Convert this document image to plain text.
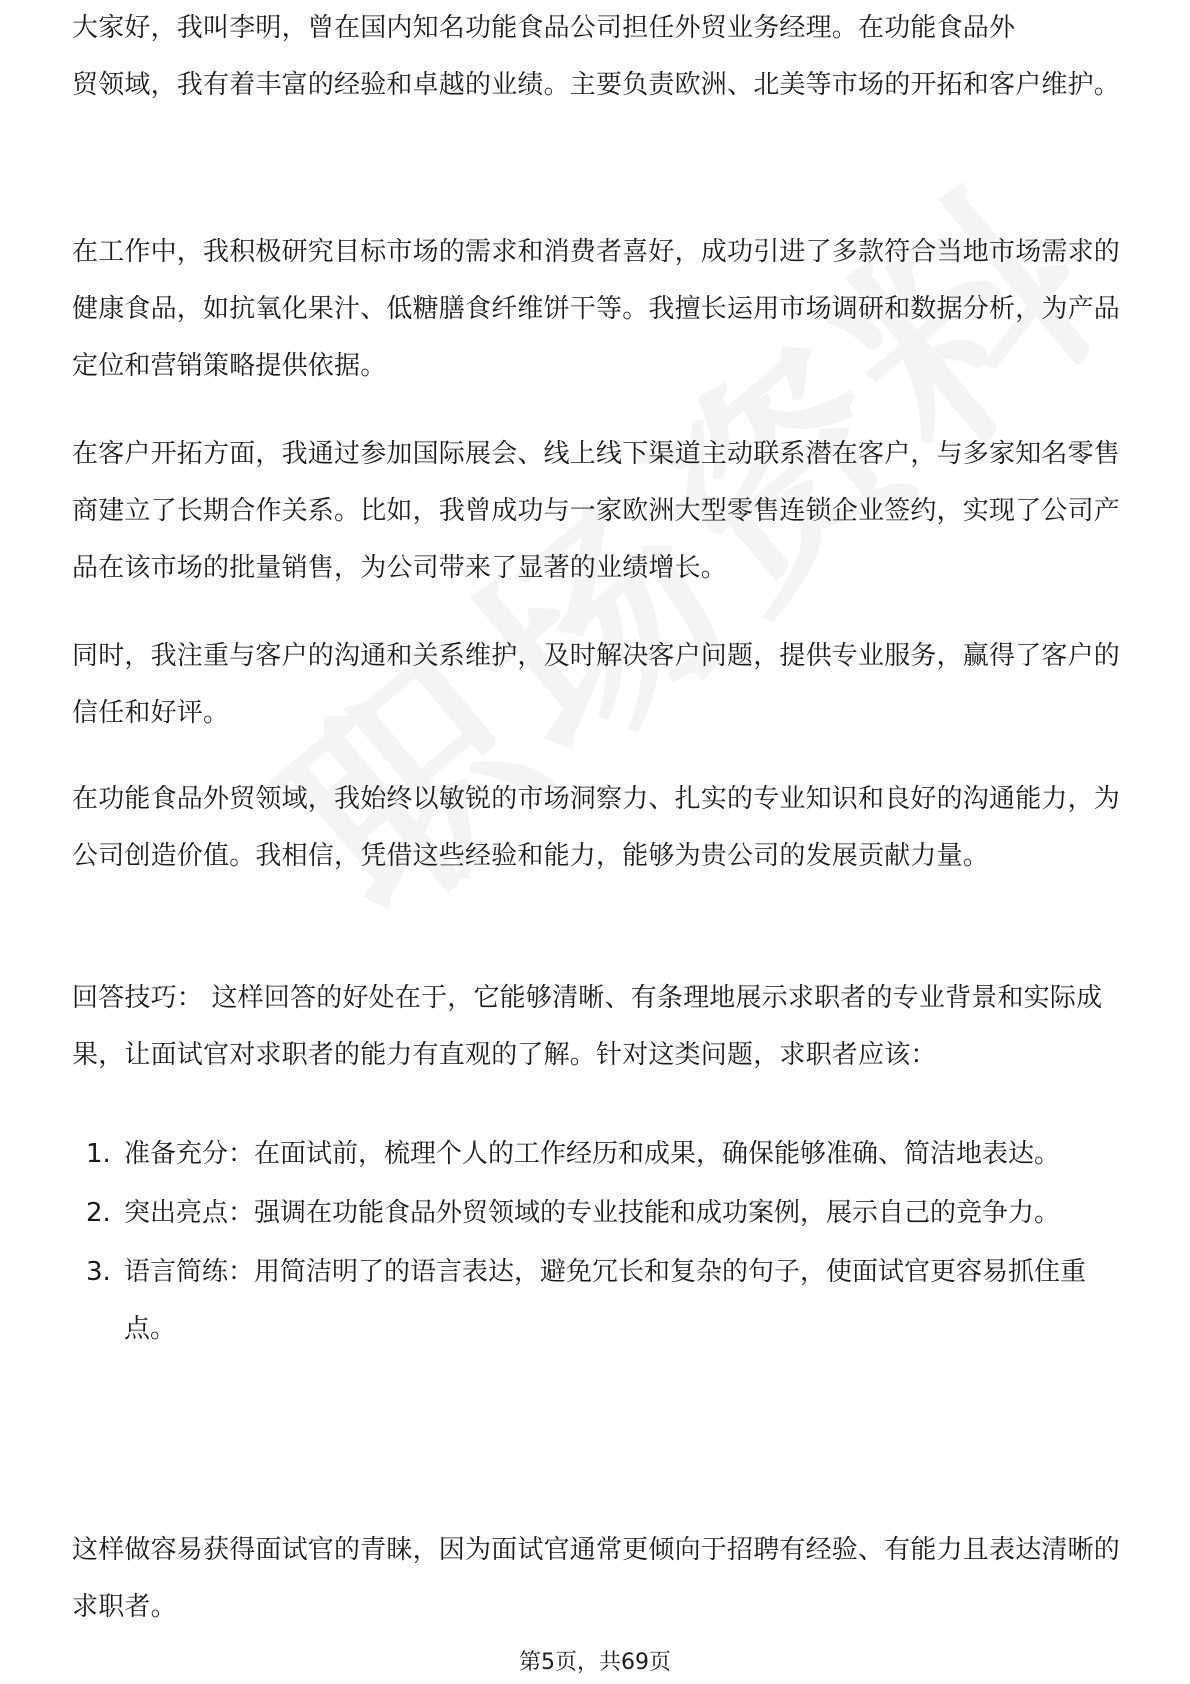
大家好，我叫李明，曾在国内知名功能食品公司担任外贸业务经理。在功能食品外
贸领域，我有着丰富的经验和卓越的业绩。主要负责欧洲、北美等市场的开拓和客户维护。

在工作中，我积极研究目标市场的需求和消费者喜好，成功引进了多款符合当地市场需求的健康食品，如抗氧化果汁、低糖膳食纤维饼干等。我擅长运用市场调研和数据分析，为产品定位和营销策略提供依据。

在客户开拓方面，我通过参加国际展会、线上线下渠道主动联系潜在客户，与多家知名零售商建立了长期合作关系。比如，我曾成功与一家欧洲大型零售连锁企业签约，实现了公司产品在该市场的批量销售，为公司带来了显著的业绩增长。

同时，我注重与客户的沟通和关系维护，及时解决客户问题，提供专业服务，赢得了客户的信任和好评。

在功能食品外贸领域，我始终以敏锐的市场洞察力、扎实的专业知识和良好的沟通能力，为公司创造价值。我相信，凭借这些经验和能力，能够为贵公司的发展贡献力量。

回答技巧： 这样回答的好处在于，它能够清晰、有条理地展示求职者的专业背景和实际成果，让面试官对求职者的能力有直观的了解。针对这类问题，求职者应该：

1. 准备充分：在面试前，梳理个人的工作经历和成果，确保能够准确、简洁地表达。
2. 突出亮点：强调在功能食品外贸领域的专业技能和成功案例，展示自己的竞争力。
3. 语言简练：用简洁明了的语言表达，避免冗长和复杂的句子，使面试官更容易抓住重点。

这样做容易获得面试官的青睐，因为面试官通常更倾向于招聘有经验、有能力且表达清晰的求职者。

第5页，共69页
